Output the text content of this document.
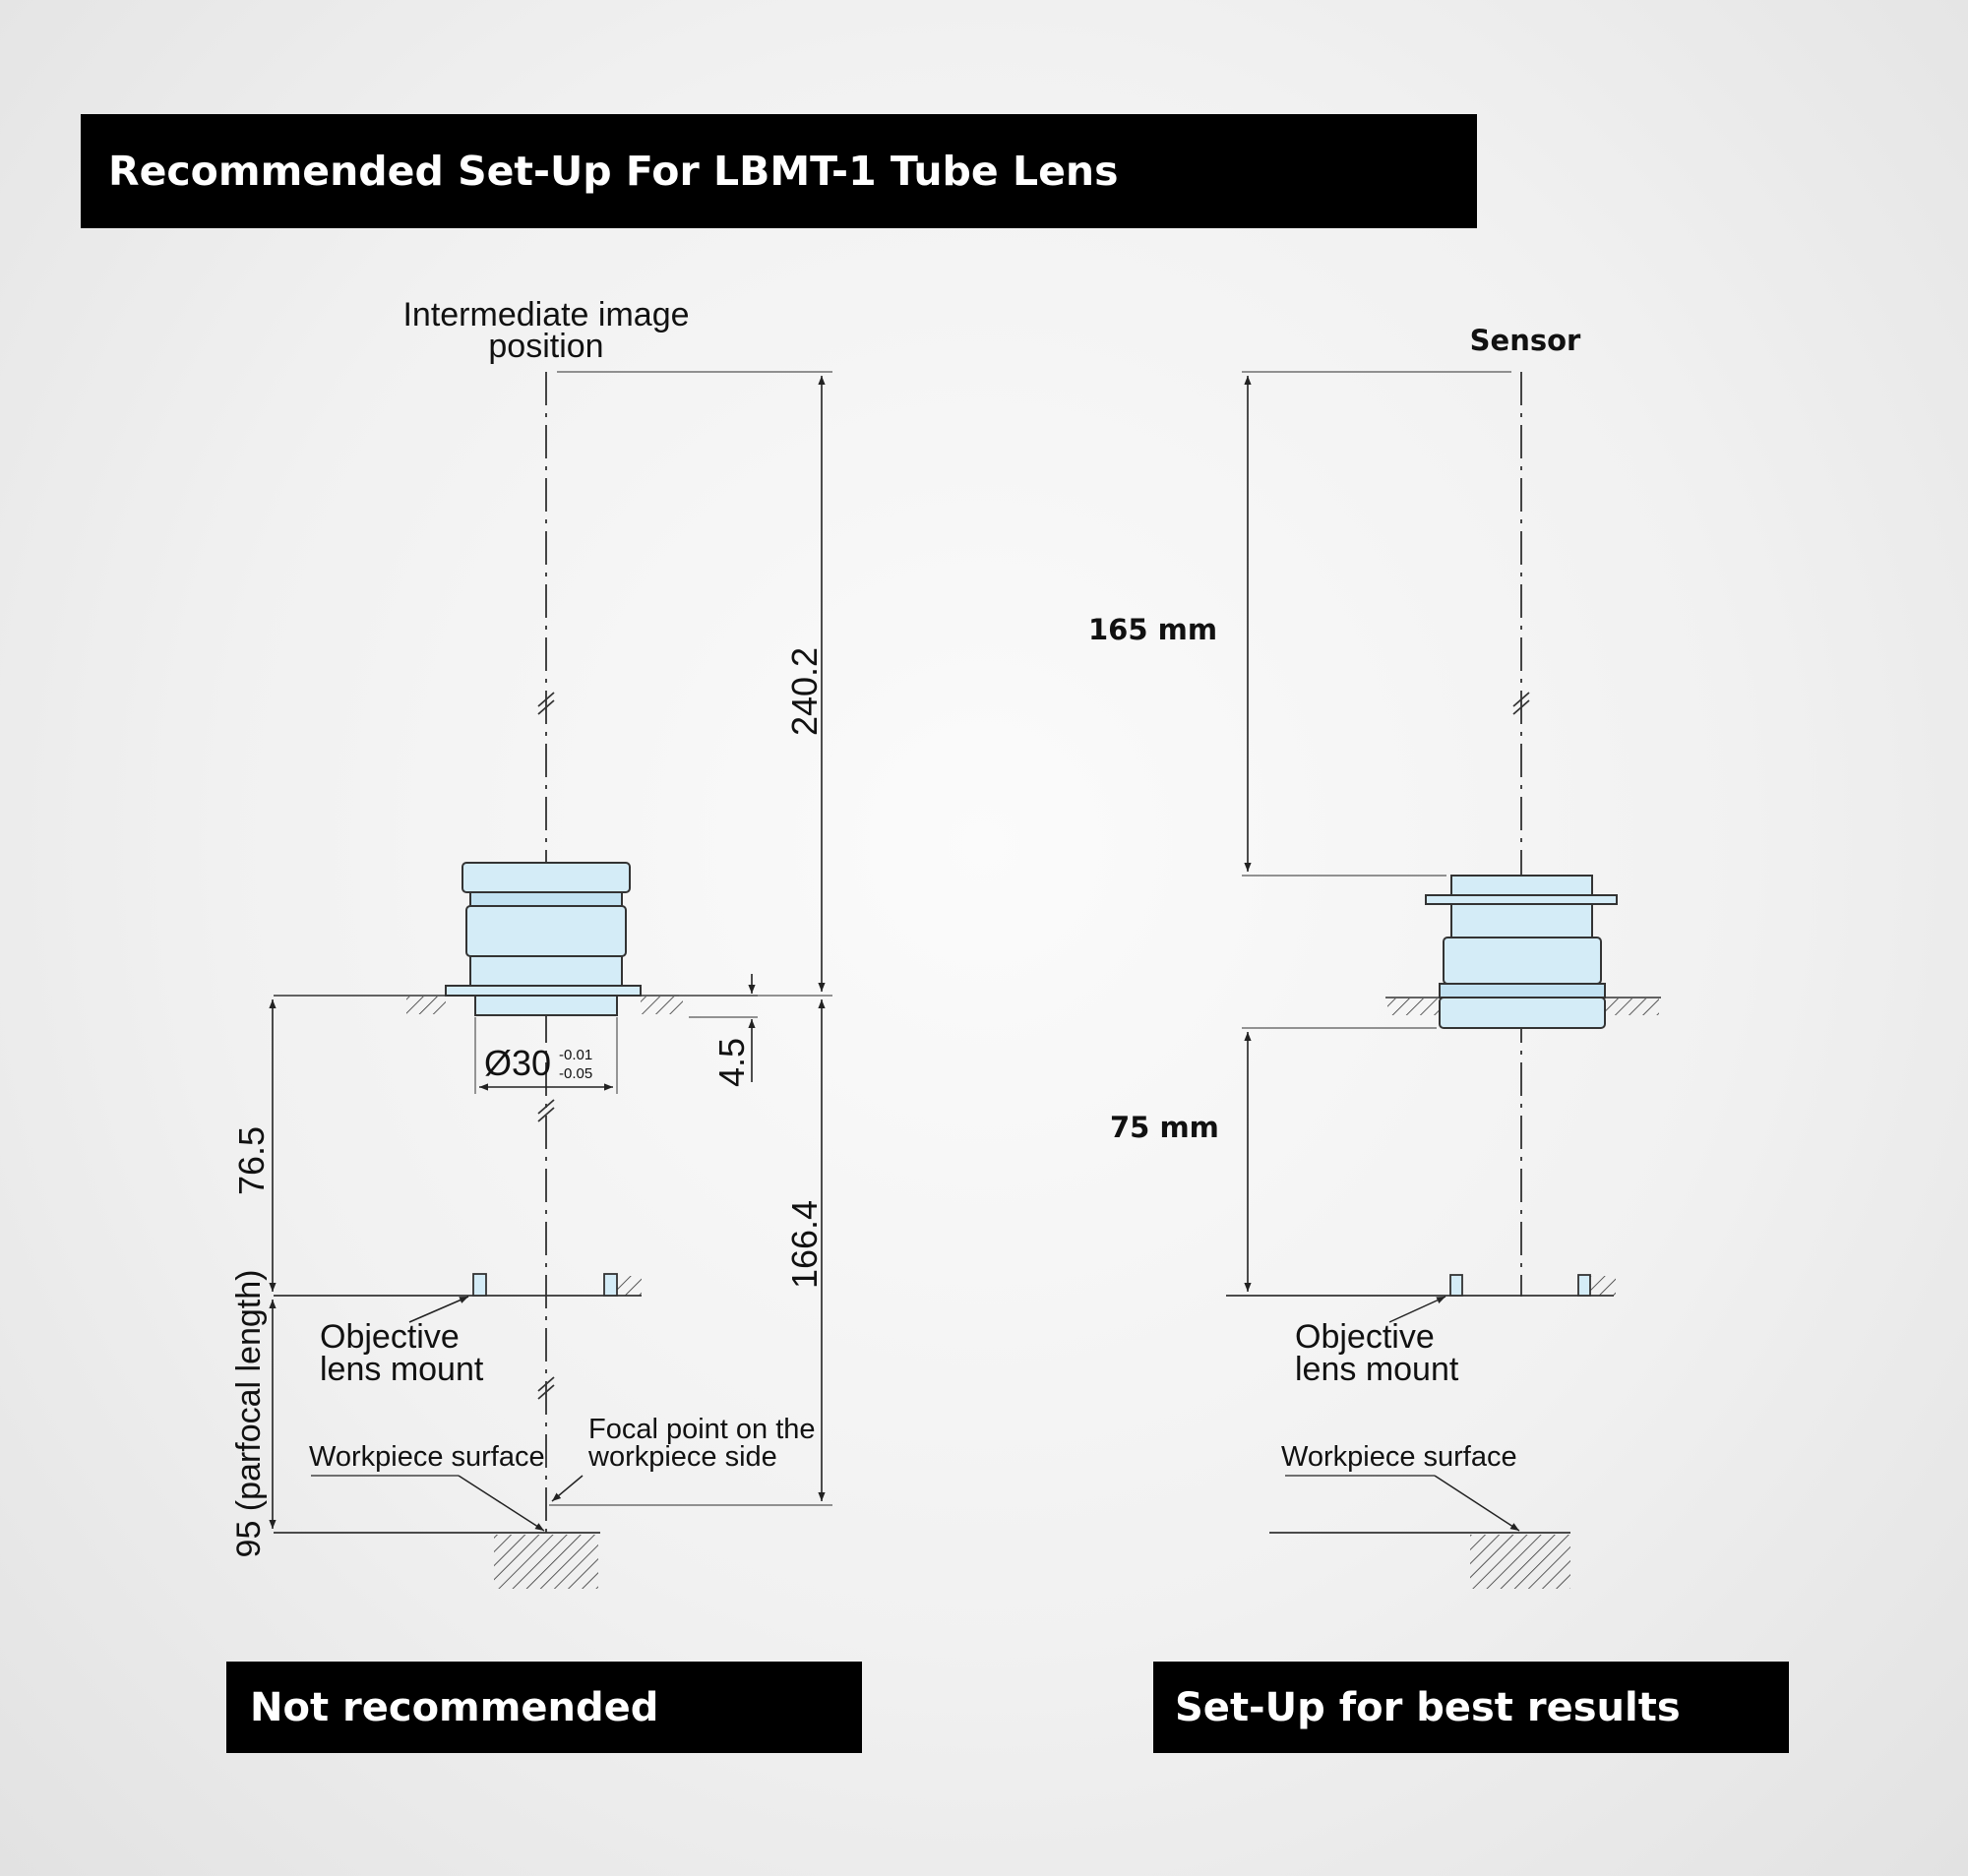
Recommended Set-Up For LBMT-1 Tube Lens
240.2
166.4
76.5
95 (parfocal length)
4.5
Ø30 -0.01
-0.05
Intermediate image
position
Objective
lens mount
Workpiece surface
Focal point on the
workpiece side
165 mm
75 mm
Sensor
Objective
lens mount
Workpiece surface
Not recommended	Set-Up for best results
